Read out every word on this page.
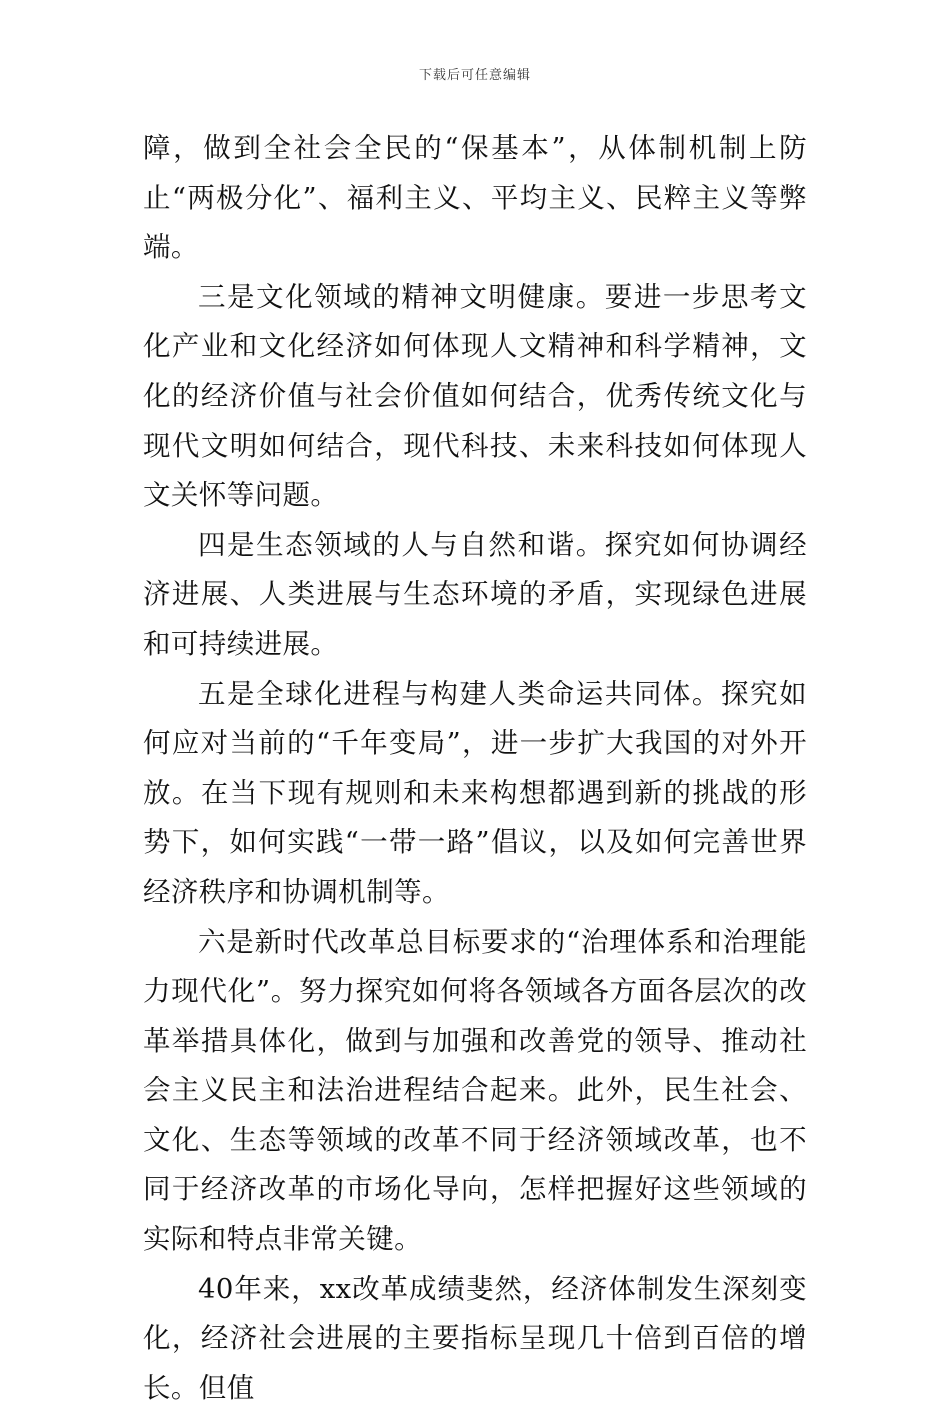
下载后可任意编辑

障，做到全社会全民的“保基本”，从体制机制上防止“两极分化”、福利主义、平均主义、民粹主义等弊端。

三是文化领域的精神文明健康。要进一步思考文化产业和文化经济如何体现人文精神和科学精神，文化的经济价值与社会价值如何结合，优秀传统文化与现代文明如何结合，现代科技、未来科技如何体现人文关怀等问题。

四是生态领域的人与自然和谐。探究如何协调经济进展、人类进展与生态环境的矛盾，实现绿色进展和可持续进展。

五是全球化进程与构建人类命运共同体。探究如何应对当前的“千年变局”，进一步扩大我国的对外开放。在当下现有规则和未来构想都遇到新的挑战的形势下，如何实践“一带一路”倡议，以及如何完善世界经济秩序和协调机制等。

六是新时代改革总目标要求的“治理体系和治理能力现代化”。努力探究如何将各领域各方面各层次的改革举措具体化，做到与加强和改善党的领导、推动社会主义民主和法治进程结合起来。此外，民生社会、文化、生态等领域的改革不同于经济领域改革，也不同于经济改革的市场化导向，怎样把握好这些领域的实际和特点非常关键。

40年来，xx改革成绩斐然，经济体制发生深刻变化，经济社会进展的主要指标呈现几十倍到百倍的增长。但值
